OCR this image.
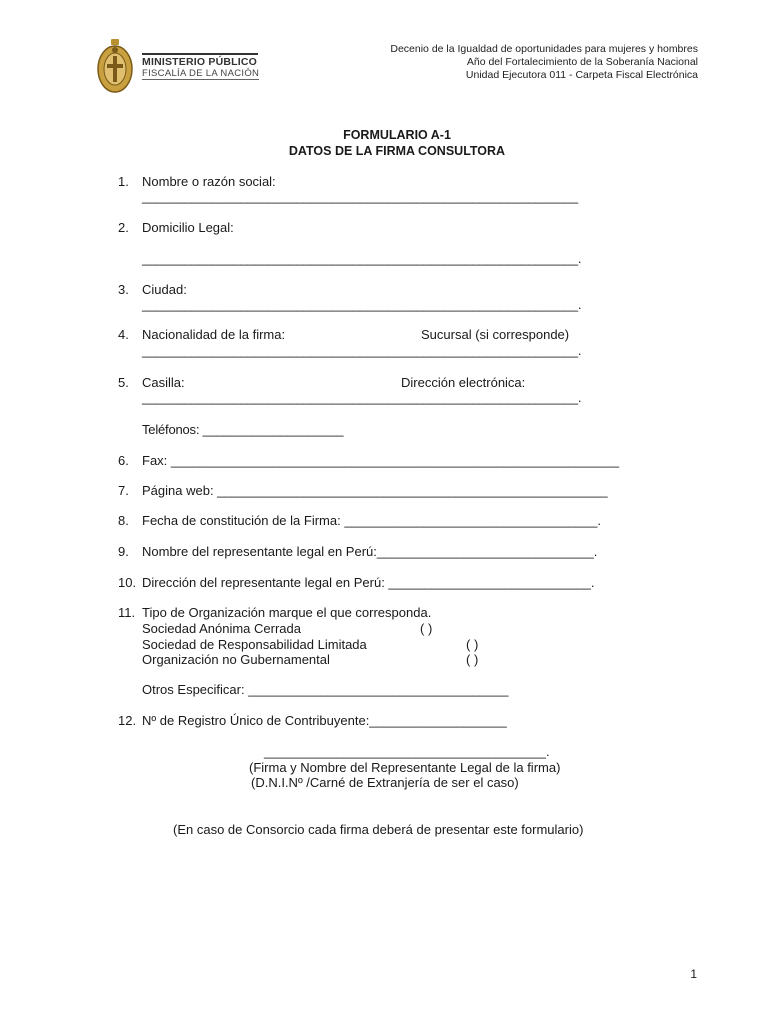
MINISTERIO PÚBLICO
FISCALÍA DE LA NACIÓN
Decenio de la Igualdad de oportunidades para mujeres y hombres
Año del Fortalecimiento de la Soberanía Nacional
Unidad Ejecutora 011 - Carpeta Fiscal Electrónica
FORMULARIO A-1
DATOS DE LA FIRMA CONSULTORA
1. Nombre o razón social:
______________________________________________________________
2. Domicilio Legal:
______________________________________________________________.
3. Ciudad:
______________________________________________________________.
4. Nacionalidad de la firma:	Sucursal (si corresponde)
______________________________________________________________.
5. Casilla:	Dirección electrónica:
______________________________________________________________.
Teléfonos: ____________________
6. Fax: ______________________________________________________________
7. Página web: ______________________________________________________
8. Fecha de constitución de la Firma: ___________________________________.
9. Nombre del representante legal en Perú:______________________________.
10. Dirección del representante legal en Perú: ____________________________.
11. Tipo de Organización marque el que corresponda.
Sociedad Anónima Cerrada	( )
Sociedad de Responsabilidad Limitada	( )
Organización no Gubernamental	( )
Otros Especificar: ____________________________________
12. Nº de Registro Único de Contribuyente:___________________
_______________________________________.
(Firma y Nombre del Representante Legal de la firma)
(D.N.I.Nº /Carné de Extranjería de ser el caso)
(En caso de Consorcio cada firma deberá de presentar este formulario)
1
